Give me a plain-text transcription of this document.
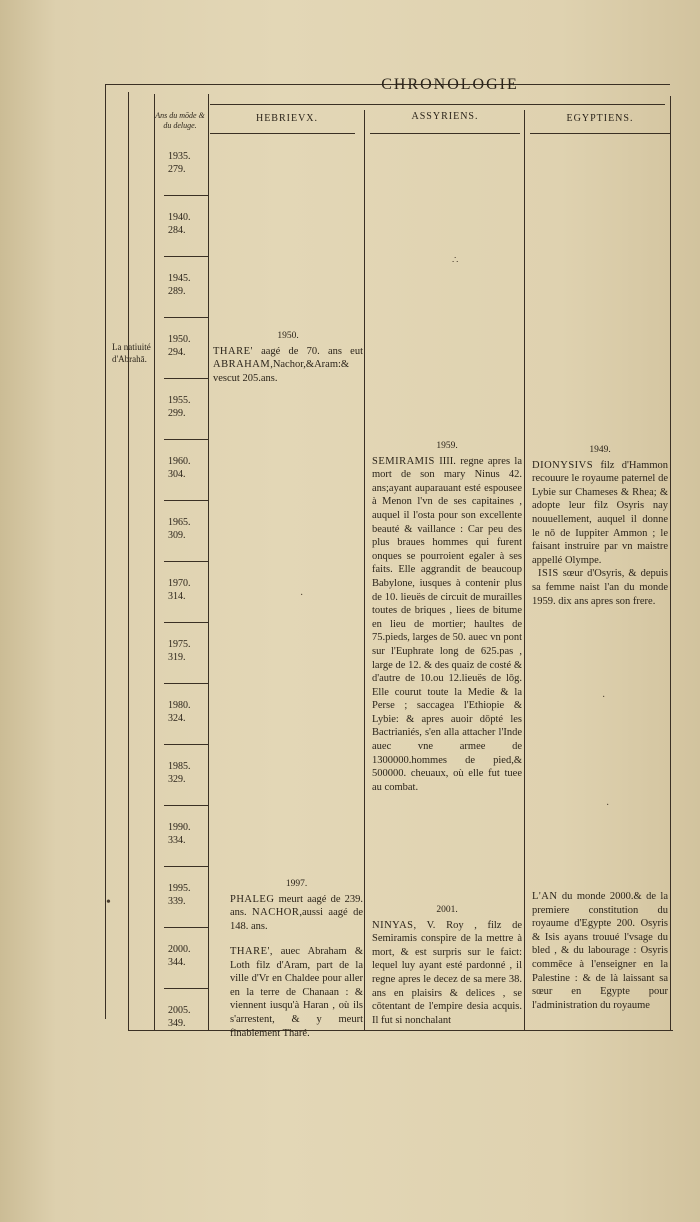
CHRONOLOGIE
Ans du mōde & du deluge.
HEBRIEVX.	ASSYRIENS.	EGYPTIENS.
1935.
279.
1940.
284.
1945.
289.
1950.
294.
1955.
299.
1960.
304.
1965.
309.
1970.
314.
1975.
319.
1980.
324.
1985.
329.
1990.
334.
1995.
339.
2000.
344.
2005.
349.
La natiuité d'Abrahā.
1950.

THARE' aagé de 70. ans eut ABRAHAM,Nachor,&Aram:& vescut 205.ans.

1997.

PHALEG meurt aagé de 239. ans. NACHOR,aussi aagé de 148. ans.

THARE', auec Abraham & Loth filz d'Aram, part de la ville d'Vr en Chaldee pour aller en la terre de Chanaan : & viennent iusqu'à Haran , où ils s'arrestent, & y meurt finablement Tharé.

1959.

SEMIRAMIS IIII. regne apres la mort de son mary Ninus 42. ans;ayant auparauant esté espousee à Menon l'vn de ses capitaines , auquel il l'osta pour son excellente beauté & vaillance : Car peu des plus braues hommes qui furent onques se pourroient egaler à ses faits. Elle aggrandit de beaucoup Babylone, iusques à contenir plus de 10. lieuës de circuit de murailles toutes de briques , liees de bitume en lieu de mortier; haultes de 75.pieds, larges de 50. auec vn pont sur l'Euphrate long de 625.pas , large de 12. & des quaiz de costé & d'autre de 10.ou 12.lieuës de lōg. Elle courut toute la Medie & la Perse ; saccagea l'Ethiopie & Lybie: & apres auoir dōpté les Bactrianiés, s'en alla attacher l'Inde auec vne armee de 1300000.hommes de pied,& 500000. cheuaux, où elle fut tuee au combat.

2001.

NINYAS, V. Roy , filz de Semiramis conspire de la mettre à mort, & est surpris sur le faict: lequel luy ayant esté pardonné , il regne apres le decez de sa mere 38. ans en plaisirs & delices , se cōtentant de l'empire desia acquis. Il fut si nonchalant

1949.

DIONYSIVS filz d'Hammon recouure le royaume paternel de Lybie sur Chameses & Rhea; & adopte leur filz Osyris nay nouuellement, auquel il donne le nō de Iuppiter Ammon ; le faisant instruire par vn maistre appellé Olympe.

ISIS sœur d'Osyris, & depuis sa femme naist l'an du monde 1959. dix ans apres son frere.

L'AN du monde 2000.& de la premiere constitution du royaume d'Egypte 200. Osyris & Isis ayans trouué l'vsage du bled , & du labourage : Osyris commēce à l'enseigner en la Palestine : & de là laissant sa sœur en Egypte pour l'administration du royaume

∴
·
·
·
•
